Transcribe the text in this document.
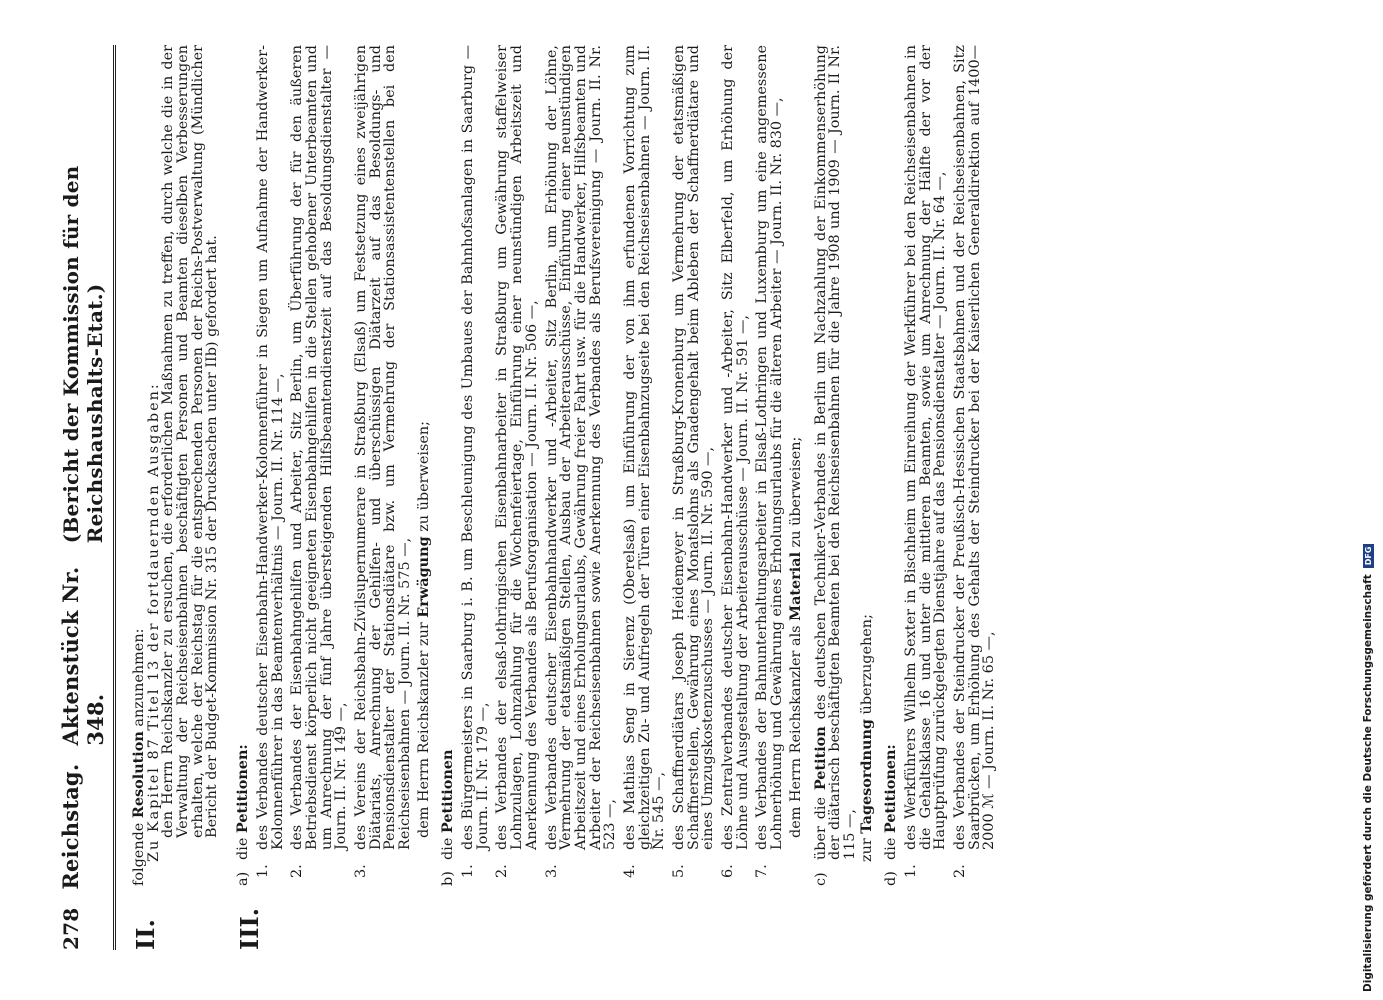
278
Reichstag.
Aktenstück Nr. 348.
(Bericht der Kommission für den Reichshaushalts-Etat.)
II.
folgende Resolution anzunehmen:
Zu Kapitel 87 Titel 13 der fortdauernden Ausgaben:
den Herrn Reichskanzler zu ersuchen, die erforderlichen Maßnahmen zu treffen, durch welche die in der Verwaltung der Reichseisenbahnen beschäftigten Personen und Beamten dieselben Verbesserungen erhalten, welche der Reichstag für die entsprechenden Personen der Reichs-Postverwaltung (Mündlicher Bericht der Budget-Kommission Nr. 315 der Drucksachen unter IIb) gefordert hat.
III.
a)
die Petitionen:
1.
des Verbandes deutscher Eisenbahn-Handwerker-Kolonnenführer in Siegen um Aufnahme der Handwerker-Kolonnenführer in das Beamtenverhältnis — Journ. II. Nr. 114 —,
2.
des Verbandes der Eisenbahngehilfen und Arbeiter, Sitz Berlin, um Überführung der für den äußeren Betriebsdienst körperlich nicht geeigneten Eisenbahngehilfen in die Stellen gehobener Unterbeamten und um Anrechnung der fünf Jahre übersteigenden Hilfsbeamtendienstzeit auf das Besoldungsdienstalter — Journ. II. Nr. 149 —,
3.
des Vereins der Reichsbahn-Zivilsupernumerare in Straßburg (Elsaß) um Festsetzung eines zweijährigen Diätariats, Anrechnung der Gehilfen- und überschüssigen Diätarzeit auf das Besoldungs- und Pensionsdienstalter der Stationsdiätare bzw. um Vermehrung der Stationsassistentenstellen bei den Reichseisenbahnen — Journ. II. Nr. 575 —, dem Herrn Reichskanzler zur Erwägung zu überweisen;
b)
die Petitionen
1.
des Bürgermeisters in Saarburg i. B. um Beschleunigung des Umbaues der Bahnhofsanlagen in Saarburg — Journ. II. Nr. 179 —,
2.
des Verbandes der elsaß-lothringischen Eisenbahnarbeiter in Straßburg um Gewährung staffelweiser Lohnzulagen, Lohnzahlung für die Wochenfeiertage, Einführung einer neunstündigen Arbeitszeit und Anerkennung des Verbandes als Berufsorganisation — Journ. II. Nr. 506 —,
3.
des Verbandes deutscher Eisenbahnhandwerker und -Arbeiter, Sitz Berlin, um Erhöhung der Löhne, Vermehrung der etatsmäßigen Stellen, Ausbau der Arbeiterausschüsse, Einführung einer neunstündigen Arbeitszeit und eines Erholungsurlaubs, Gewährung freier Fahrt usw. für die Handwerker, Hilfsbeamten und Arbeiter der Reichseisenbahnen sowie Anerkennung des Verbandes als Berufsvereinigung — Journ. II. Nr. 523 —,
4.
des Mathias Seng in Sierenz (Oberelsaß) um Einführung der von ihm erfundenen Vorrichtung zum gleichzeitigen Zu- und Aufriegeln der Türen einer Eisenbahnzugseite bei den Reichseisenbahnen — Journ. II. Nr. 545 —,
5.
des Schaffnerdiätars Joseph Heidemeyer in Straßburg-Kronenburg um Vermehrung der etatsmäßigen Schaffnerstellen, Gewährung eines Monatslohns als Gnadengehalt beim Ableben der Schaffnerdiätare und eines Umzugskostenzuschusses — Journ. II. Nr. 590 —,
6.
des Zentralverbandes deutscher Eisenbahn-Handwerker und -Arbeiter, Sitz Elberfeld, um Erhöhung der Löhne und Ausgestaltung der Arbeiterausschüsse — Journ. II. Nr. 591 —,
7.
des Verbandes der Bahnunterhaltungsarbeiter in Elsaß-Lothringen und Luxemburg um eine angemessene Lohnerhöhung und Gewährung eines Erholungsurlaubs für die älteren Arbeiter — Journ. II. Nr. 830 —, dem Herrn Reichskanzler als Material zu überweisen;
c)
über die Petition des deutschen Techniker-Verbandes in Berlin um Nachzahlung der Einkommenserhöhung der diätarisch beschäftigten Beamten bei den Reichseisenbahnen für die Jahre 1908 und 1909 — Journ. II Nr. 115 —, zur Tagesordnung überzugehen;
d)
die Petitionen:
1.
des Werkführers Wilhelm Sexter in Bischheim um Einreihung der Werkführer bei den Reichseisenbahnen in die Gehaltsklasse 16 und unter die mittleren Beamten, sowie um Anrechnung der Hälfte der vor der Hauptprüfung zurückgelegten Dienstjahre auf das Pensionsdienstalter — Journ. II. Nr. 64 —,
2.
des Verbandes der Steindrucker der Preußisch-Hessischen Staatsbahnen und der Reichseisenbahnen, Sitz Saarbrücken, um Erhöhung des Gehalts der Steindrucker bei der Kaiserlichen Generaldirektion auf 1400—2000 ℳ — Journ. II. Nr. 65 —,	Digitalisierung gefördert durch die Deutsche Forschungsgemeinschaft
DFG
